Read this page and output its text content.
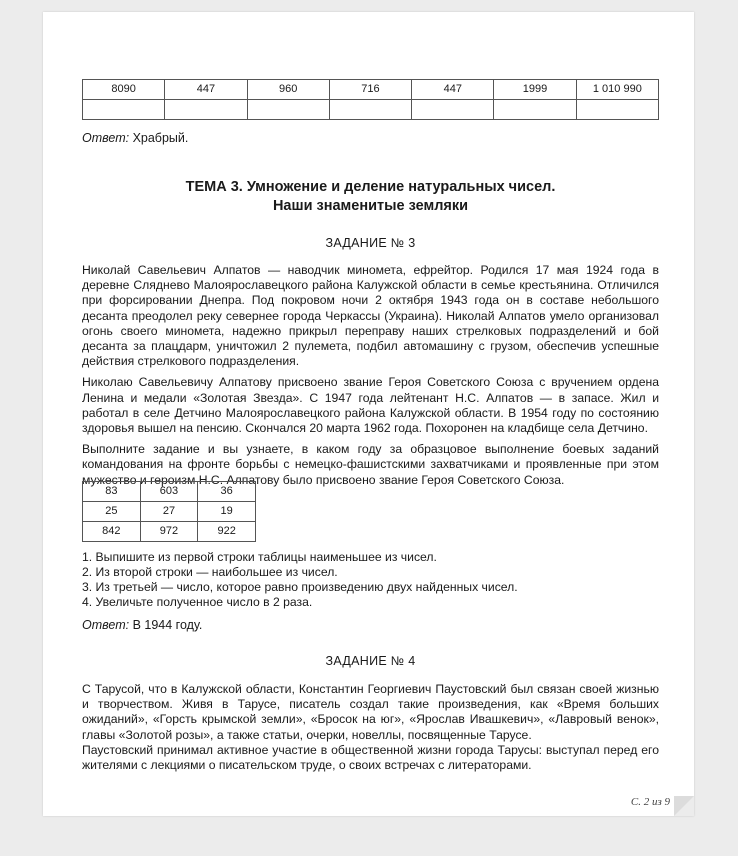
8090	447	960	716	447	1999	1 010 990

Ответ: Храбрый.
ТЕМА 3. Умножение и деление натуральных чисел.
Наши знаменитые земляки
ЗАДАНИЕ № 3

Николай Савельевич Алпатов — наводчик миномета, ефрейтор. Родился 17 мая 1924 года в деревне Слядневo Малоярославецкого района Калужской области в семье крестьянина. Отличился при форсировании Днепра. Под покровом ночи 2 октября 1943 года он в составе небольшого десанта преодолел реку севернее города Черкассы (Украина). Николай Алпатов умело организовал огонь своего миномета, надежно прикрыл переправу наших стрелковых подразделений и бой десанта за плацдарм, уничтожил 2 пулемета, подбил автомашину с грузом, обеспечив успешные действия стрелкового подразделения.

Николаю Савельевичу Алпатову присвоено звание Героя Советского Союза с вручением ордена Ленина и медали «Золотая Звезда». С 1947 года лейтенант Н.С. Алпатов — в запасе. Жил и работал в селе Детчино Малоярославецкого района Калужской области. В 1954 году по состоянию здоровья вышел на пенсию. Скончался 20 марта 1962 года. Похоронен на кладбище села Детчино.

Выполните задание и вы узнаете, в каком году за образцовое выполнение боевых заданий командования на фронте борьбы с немецко-фашистскими захватчиками и проявленные при этом мужество и героизм Н.С. Алпатову было присвоено звание Героя Советского Союза.

83	603	36
25	27	19
842	972	922
1. Выпишите из первой строки таблицы наименьшее из чисел.
2. Из второй строки — наибольшее из чисел.
3. Из третьей — число, которое равно произведению двух найденных чисел.
4. Увеличьте полученное число в 2 раза.
Ответ: В 1944 году.
ЗАДАНИЕ № 4

С Тарусой, что в Калужской области, Константин Георгиевич Паустовский был связан своей жизнью и творчеством. Живя в Тарусе, писатель создал такие произведения, как «Время больших ожиданий», «Горсть крымской земли», «Бросок на юг», «Ярослав Ивашкевич», «Лавровый венок», главы «Золотой розы», а также статьи, очерки, новеллы, посвященные Тарусе.

Паустовский принимал активное участие в общественной жизни города Тарусы: выступал перед его жителями с лекциями о писательском труде, о своих встречах с литераторами.

С. 2 из 9
